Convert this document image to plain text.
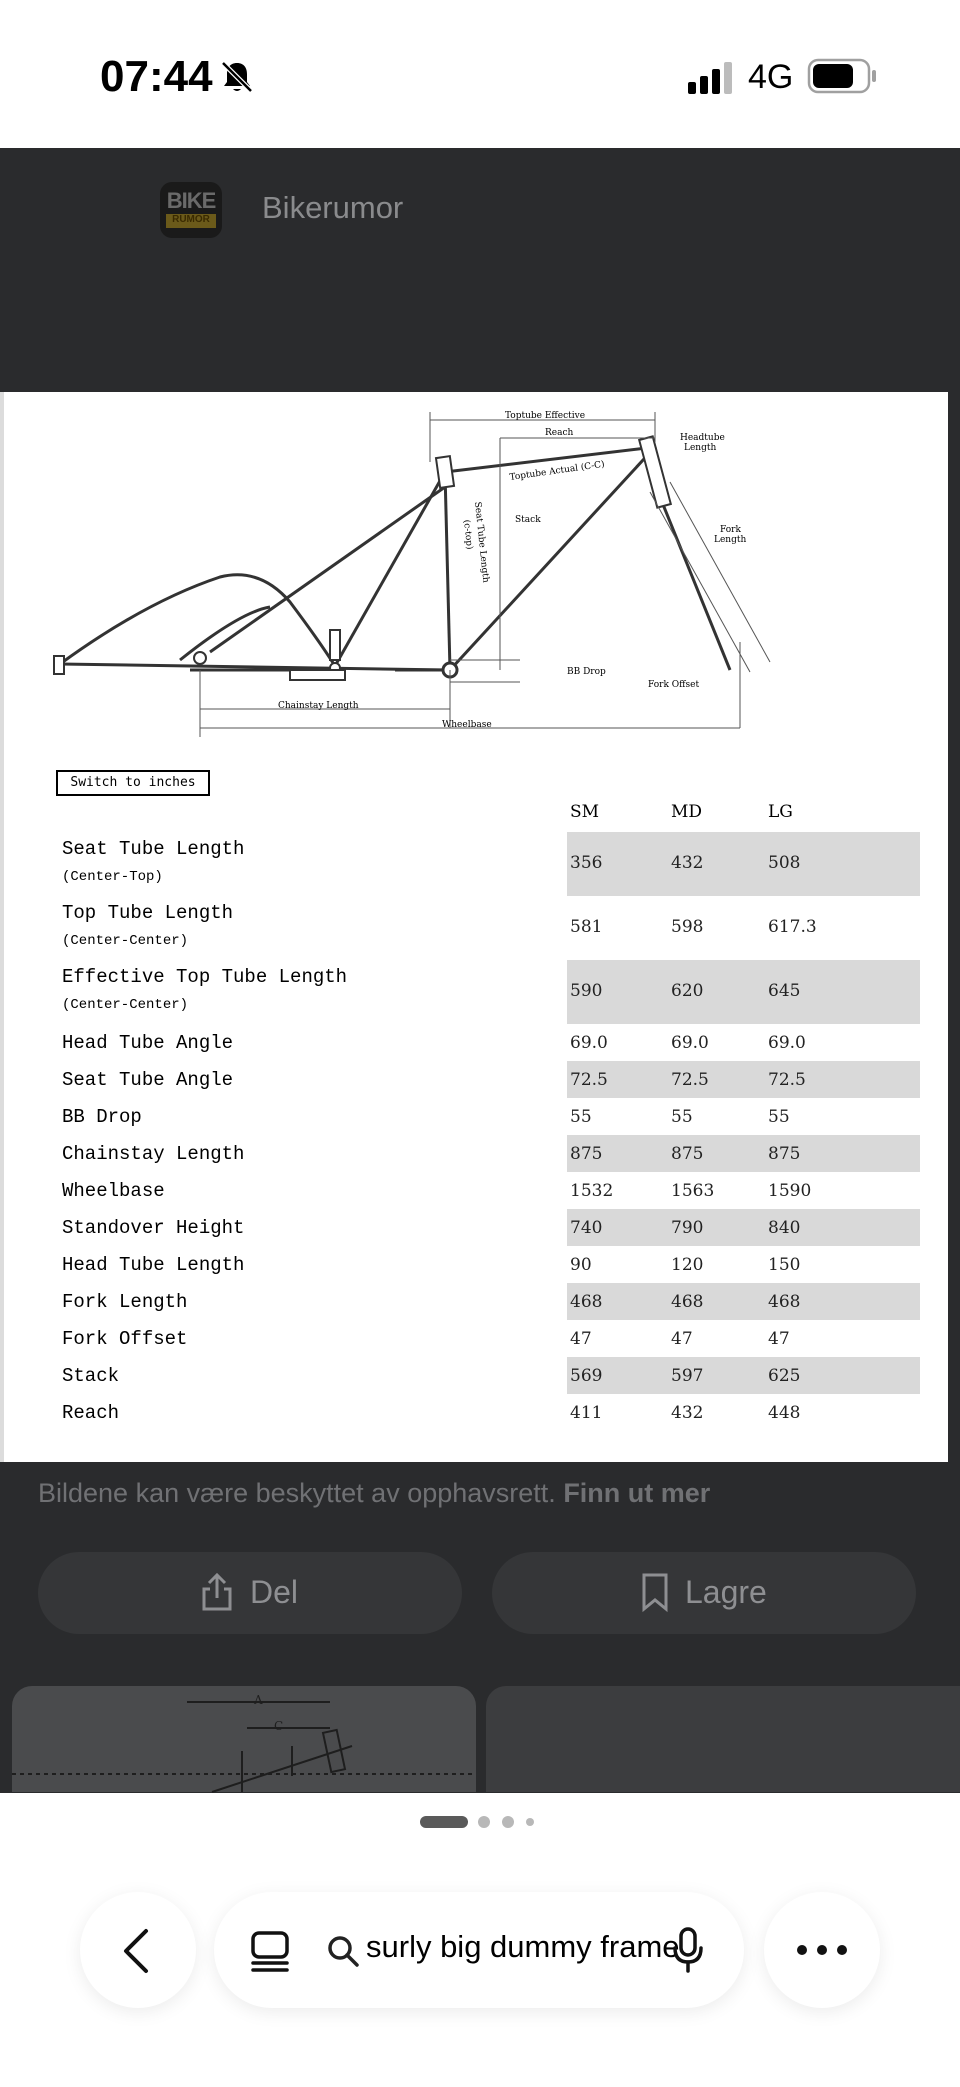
07:44	4G
BIKE
RUMOR Bikerumor
Toptube Effective
Reach	Headtube
Length
Toptube Actual (C-C)
Stack
Seat Tube Length
(c-top)	Fork
Length
BB Drop
Fork Offset
Chainstay Length
Wheelbase
Switch to inches
SM	MD	LG
Seat Tube Length
(Center-Top)
356	432	508
Top Tube Length
(Center-Center)
581	598	617.3
Effective Top Tube Length
(Center-Center)
590	620	645
Head Tube Angle	69.0	69.0	69.0
Seat Tube Angle	72.5	72.5	72.5
BB Drop	55	55	55
Chainstay Length	875	875	875
Wheelbase	1532	1563	1590
Standover Height	740	790	840
Head Tube Length	90	120	150
Fork Length	468	468	468
Fork Offset	47	47	47
Stack	569	597	625
Reach	411	432	448
Bildene kan være beskyttet av opphavsrett. Finn ut mer
Del	Lagre
A
C
surly big dummy frame
